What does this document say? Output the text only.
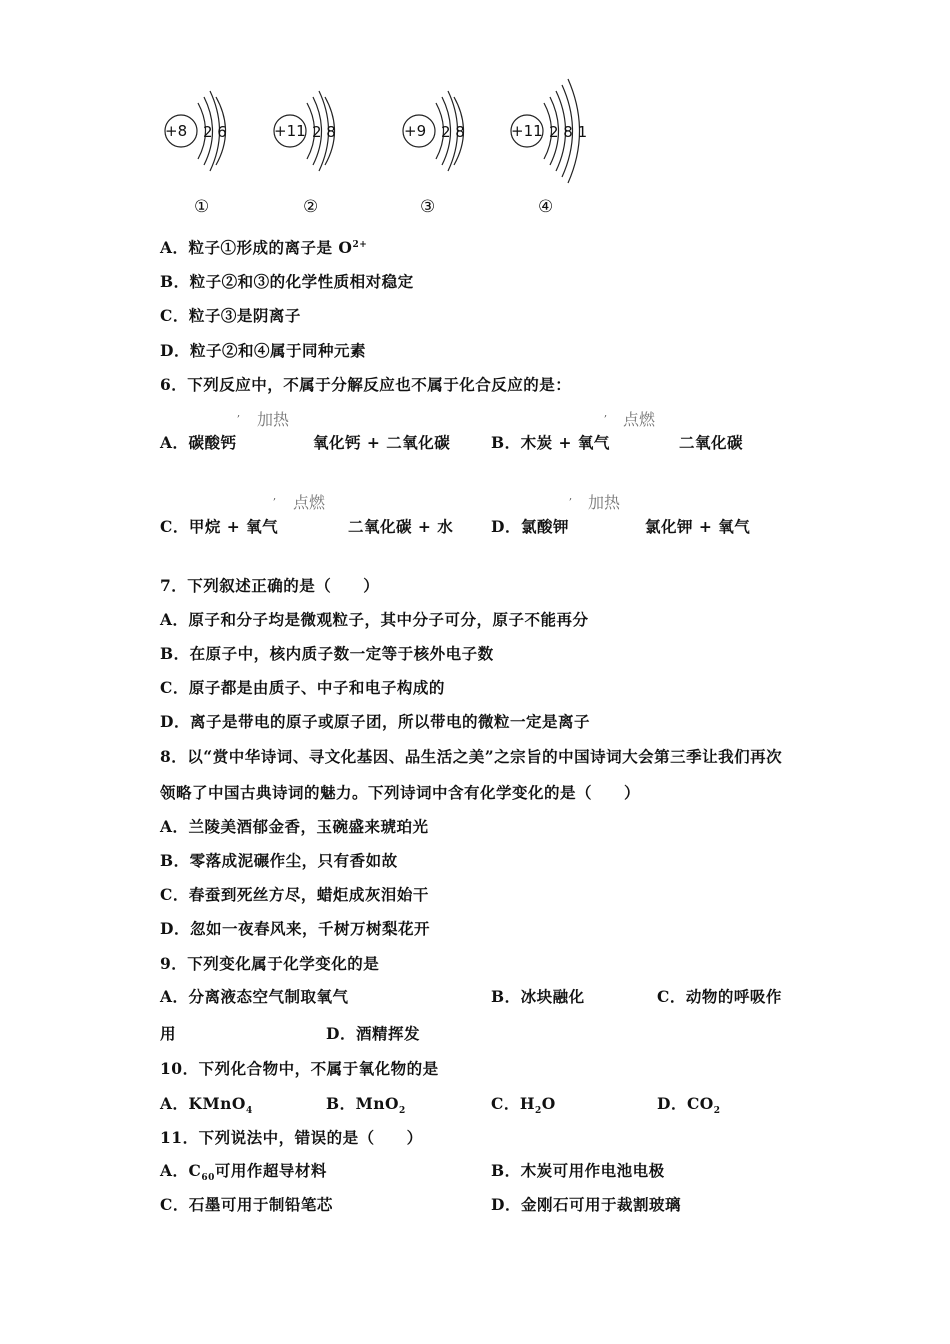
+8 2 6
①
+11 2 8
②
+9 2 8
③
+11 2 8 1
④
A．粒子①形成的离子是 $O^{2+}$
B．粒子②和③的化学性质相对稳定
C．粒子③是阴离子
D．粒子②和④属于同种元素
6．下列反应中，不属于分解反应也不属于化合反应的是：
, 加热
A．碳酸钙	氧化钙 + 二氧化碳
, 点燃
B．木炭 + 氧气	二氧化碳
, 点燃
C．甲烷 + 氧气	二氧化碳 + 水
, 加热
D．氯酸钾	氯化钾 + 氧气
7．下列叙述正确的是（　　）
A．原子和分子均是微观粒子，其中分子可分，原子不能再分
B．在原子中，核内质子数一定等于核外电子数
C．原子都是由质子、中子和电子构成的
D．离子是带电的原子或原子团，所以带电的微粒一定是离子
8．以“赏中华诗词、寻文化基因、品生活之美”之宗旨的中国诗词大会第三季让我们再次
领略了中国古典诗词的魅力。下列诗词中含有化学变化的是（　　）
A．兰陵美酒郁金香，玉碗盛来琥珀光
B．零落成泥碾作尘，只有香如故
C．春蚕到死丝方尽，蜡炬成灰泪始干
D．忽如一夜春风来，千树万树梨花开
9．下列变化属于化学变化的是
A．分离液态空气制取氧气	B．冰块融化	C．动物的呼吸作
用	D．酒精挥发
10．下列化合物中，不属于氧化物的是
A．KMnO$_4$	B．MnO$_2$	C．$H_2O$	D．$CO_2$
11．下列说法中，错误的是（　　）
A．$C_{60}$可用作超导材料	B．木炭可用作电池电极
C．石墨可用于制铅笔芯	D．金刚石可用于裁割玻璃
